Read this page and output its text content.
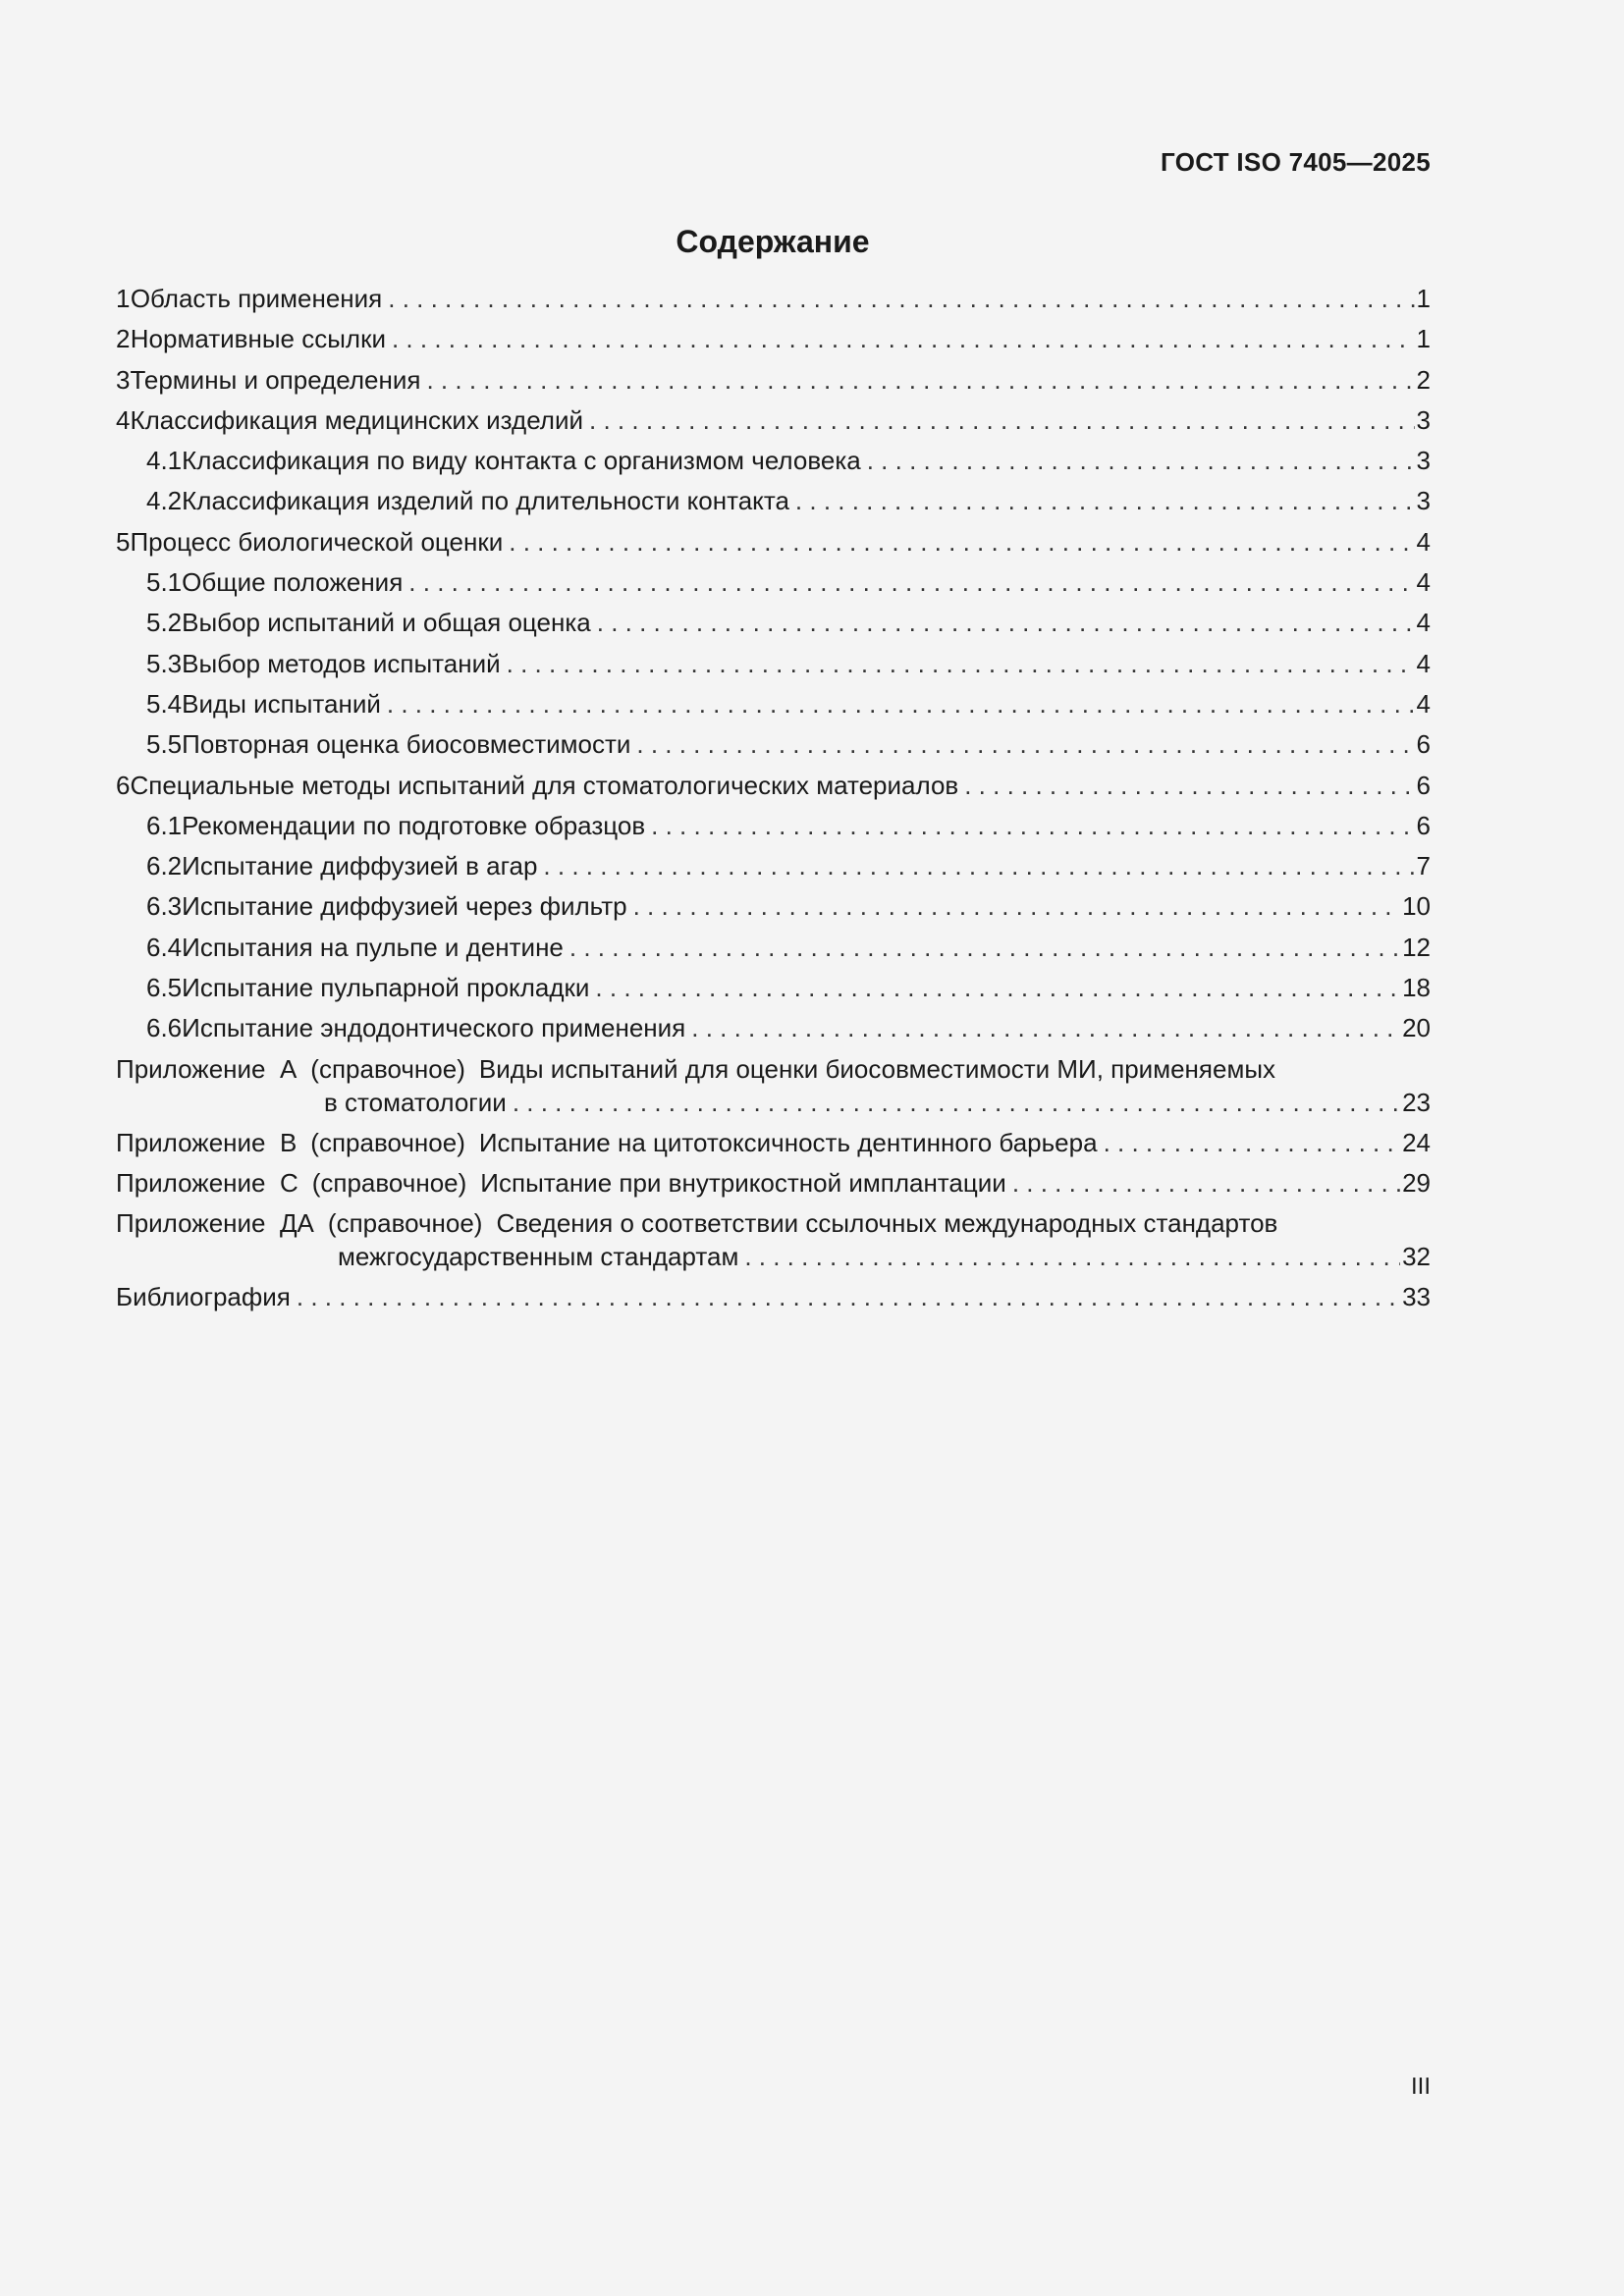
ГОСТ ISO 7405—2025
Содержание
1 Область применения . . .	1
2 Нормативные ссылки . . .	1
3 Термины и определения . . .	2
4 Классификация медицинских изделий . . .	3
4.1 Классификация по виду контакта с организмом человека . . .	3
4.2 Классификация изделий по длительности контакта . . .	3
5 Процесс биологической оценки . . .	4
5.1 Общие положения . . .	4
5.2 Выбор испытаний и общая оценка . . .	4
5.3 Выбор методов испытаний . . .	4
5.4 Виды испытаний . . .	4
5.5 Повторная оценка биосовместимости . . .	6
6 Специальные методы испытаний для стоматологических материалов . . .	6
6.1 Рекомендации по подготовке образцов . . .	6
6.2 Испытание диффузией в агар . . .	7
6.3 Испытание диффузией через фильтр . . .	10
6.4 Испытания на пульпе и дентине . . .	12
6.5 Испытание пульпарной прокладки . . .	18
6.6 Испытание эндодонтического применения . . .	20
Приложение  А (справочное) Виды испытаний для оценки биосовместимости МИ, применяемых
в стоматологии . . .	23
Приложение  В (справочное) Испытание на цитотоксичность дентинного барьера . . .	24
Приложение  С (справочное) Испытание при внутрикостной имплантации . . .	29
Приложение  ДА (справочное) Сведения о соответствии ссылочных международных стандартов
межгосударственным стандартам . . .	32
Библиография . . .	33
III
